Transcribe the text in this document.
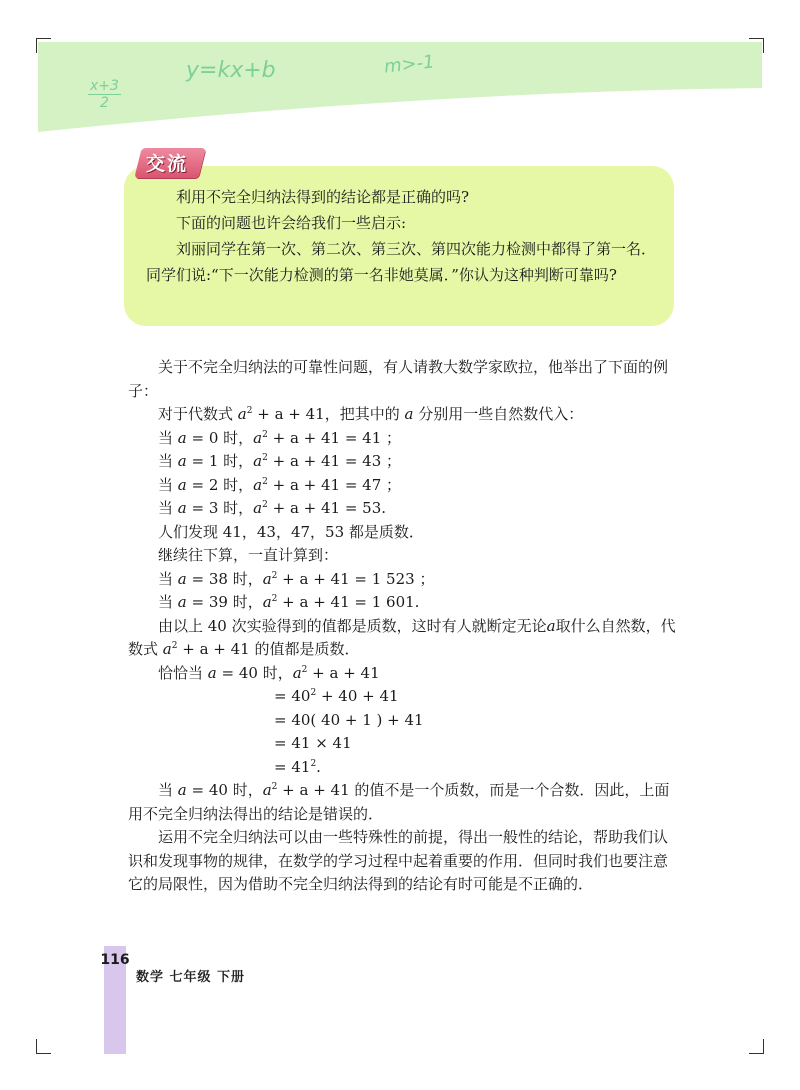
$\frac{x+3}{2}$
y=kx+b	m>-1
交流

利用不完全归纳法得到的结论都是正确的吗?

下面的问题也许会给我们一些启示:

刘丽同学在第一次、第二次、第三次、第四次能力检测中都得了第一名．同学们说:“下一次能力检测的第一名非她莫属．”你认为这种判断可靠吗?

关于不完全归纳法的可靠性问题，有人请教大数学家欧拉，他举出了下面的例子：

对于代数式 $a^2 + a + 41$，把其中的 a 分别用一些自然数代入：

当 a = 0 时，$a^2 + a + 41 = 41$ ；

当 a = 1 时，$a^2 + a + 41 = 43$ ；

当 a = 2 时，$a^2 + a + 41 = 47$ ；

当 a = 3 时，$a^2 + a + 41 = 53$.

人们发现 41，43，47，53 都是质数．

继续往下算，一直计算到：

当 a = 38 时，$a^2 + a + 41 = 1$ 523 ；

当 a = 39 时，$a^2 + a + 41 = 1$ 601.

由以上 40 次实验得到的值都是质数，这时有人就断定无论a取什么自然数，代数式 $a^2 + a + 41$ 的值都是质数．

恰恰当 a = 40 时，$a^2 + a + 41$

= $40^2 + 40 + 41$

= 40( 40 + 1 ) + 41

= 41 × 41

= $41^2$.

当 a = 40 时，$a^2 + a + 41$ 的值不是一个质数，而是一个合数．因此，上面用不完全归纳法得出的结论是错误的．

运用不完全归纳法可以由一些特殊性的前提，得出一般性的结论，帮助我们认识和发现事物的规律，在数学的学习过程中起着重要的作用．但同时我们也要注意它的局限性，因为借助不完全归纳法得到的结论有时可能是不正确的．

116
数学 七年级 下册
